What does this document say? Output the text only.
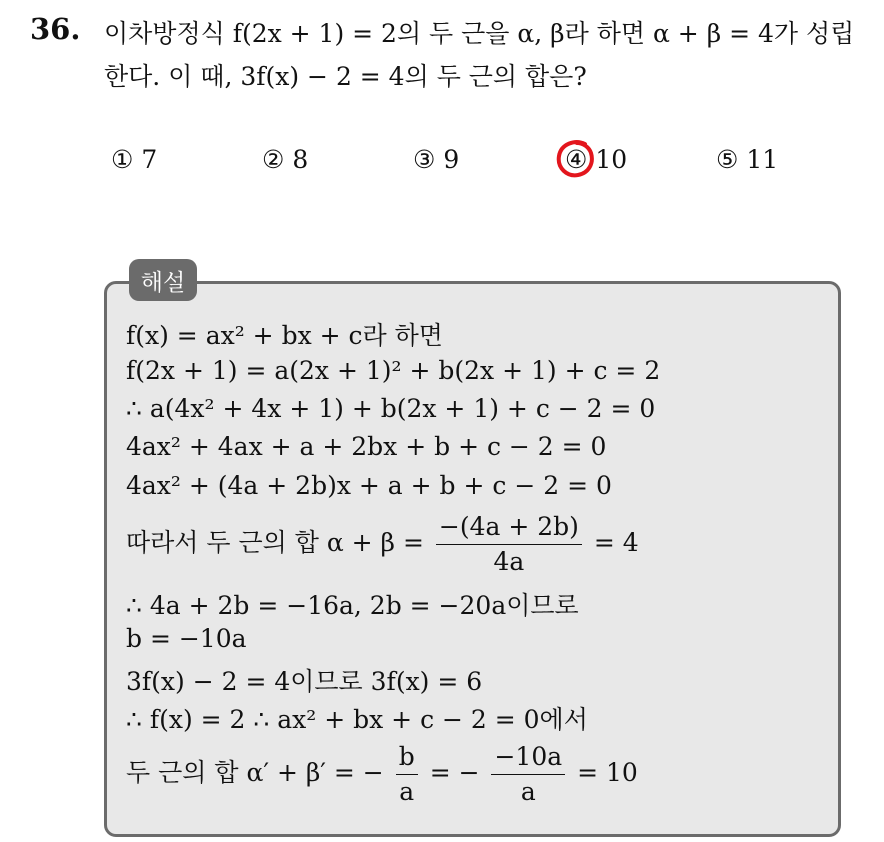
36. 이차방정식 f(2x + 1) = 2의 두 근을 α, β라 하면 α + β = 4가 성립
한다. 이 때, 3f(x) − 2 = 4의 두 근의 합은?
① 7	② 8	③ 9	④ 10	⑤ 11
해설
f(x) = ax² + bx + c라 하면
f(2x + 1) = a(2x + 1)² + b(2x + 1) + c = 2
∴ a(4x² + 4x + 1) + b(2x + 1) + c − 2 = 0
4ax² + 4ax + a + 2bx + b + c − 2 = 0
4ax² + (4a + 2b)x + a + b + c − 2 = 0
따라서 두 근의 합 $\alpha + \beta = \frac{-(4a + 2b)}{4a} = 4$
∴ 4a + 2b = −16a, 2b = −20a이므로
b = −10a
3f(x) − 2 = 4이므로 3f(x) = 6
∴ f(x) = 2 ∴ ax² + bx + c − 2 = 0에서
두 근의 합 α′ + β′ = − $\frac{b}{a}$ = − $\frac{-10a}{a} = 10$
